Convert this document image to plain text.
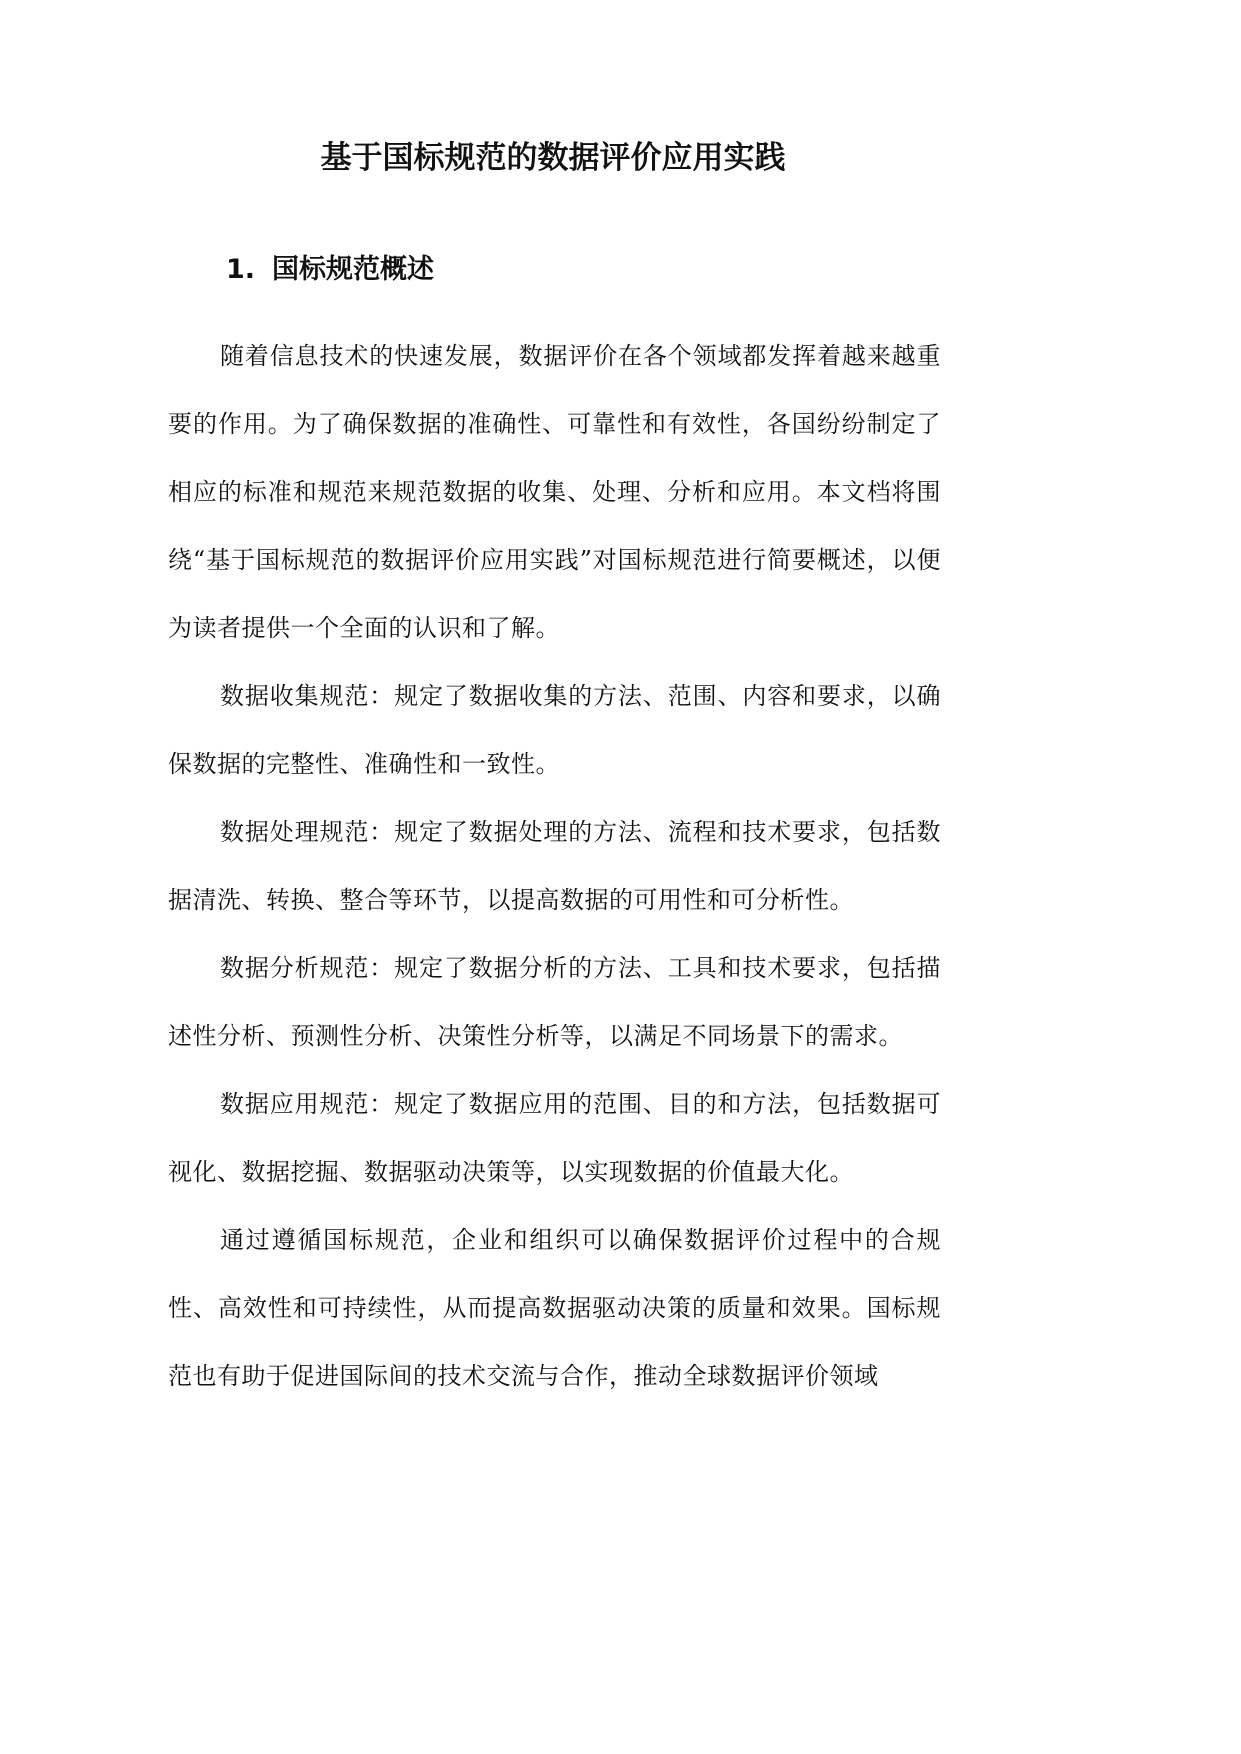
基于国标规范的数据评价应用实践
1. 国标规范概述

随着信息技术的快速发展，数据评价在各个领域都发挥着越来越重要的作用。为了确保数据的准确性、可靠性和有效性，各国纷纷制定了相应的标准和规范来规范数据的收集、处理、分析和应用。本文档将围绕“基于国标规范的数据评价应用实践”对国标规范进行简要概述，以便为读者提供一个全面的认识和了解。

数据收集规范：规定了数据收集的方法、范围、内容和要求，以确保数据的完整性、准确性和一致性。

数据处理规范：规定了数据处理的方法、流程和技术要求，包括数据清洗、转换、整合等环节，以提高数据的可用性和可分析性。

数据分析规范：规定了数据分析的方法、工具和技术要求，包括描述性分析、预测性分析、决策性分析等，以满足不同场景下的需求。

数据应用规范：规定了数据应用的范围、目的和方法，包括数据可视化、数据挖掘、数据驱动决策等，以实现数据的价值最大化。

通过遵循国标规范，企业和组织可以确保数据评价过程中的合规性、高效性和可持续性，从而提高数据驱动决策的质量和效果。国标规范也有助于促进国际间的技术交流与合作，推动全球数据评价领域
